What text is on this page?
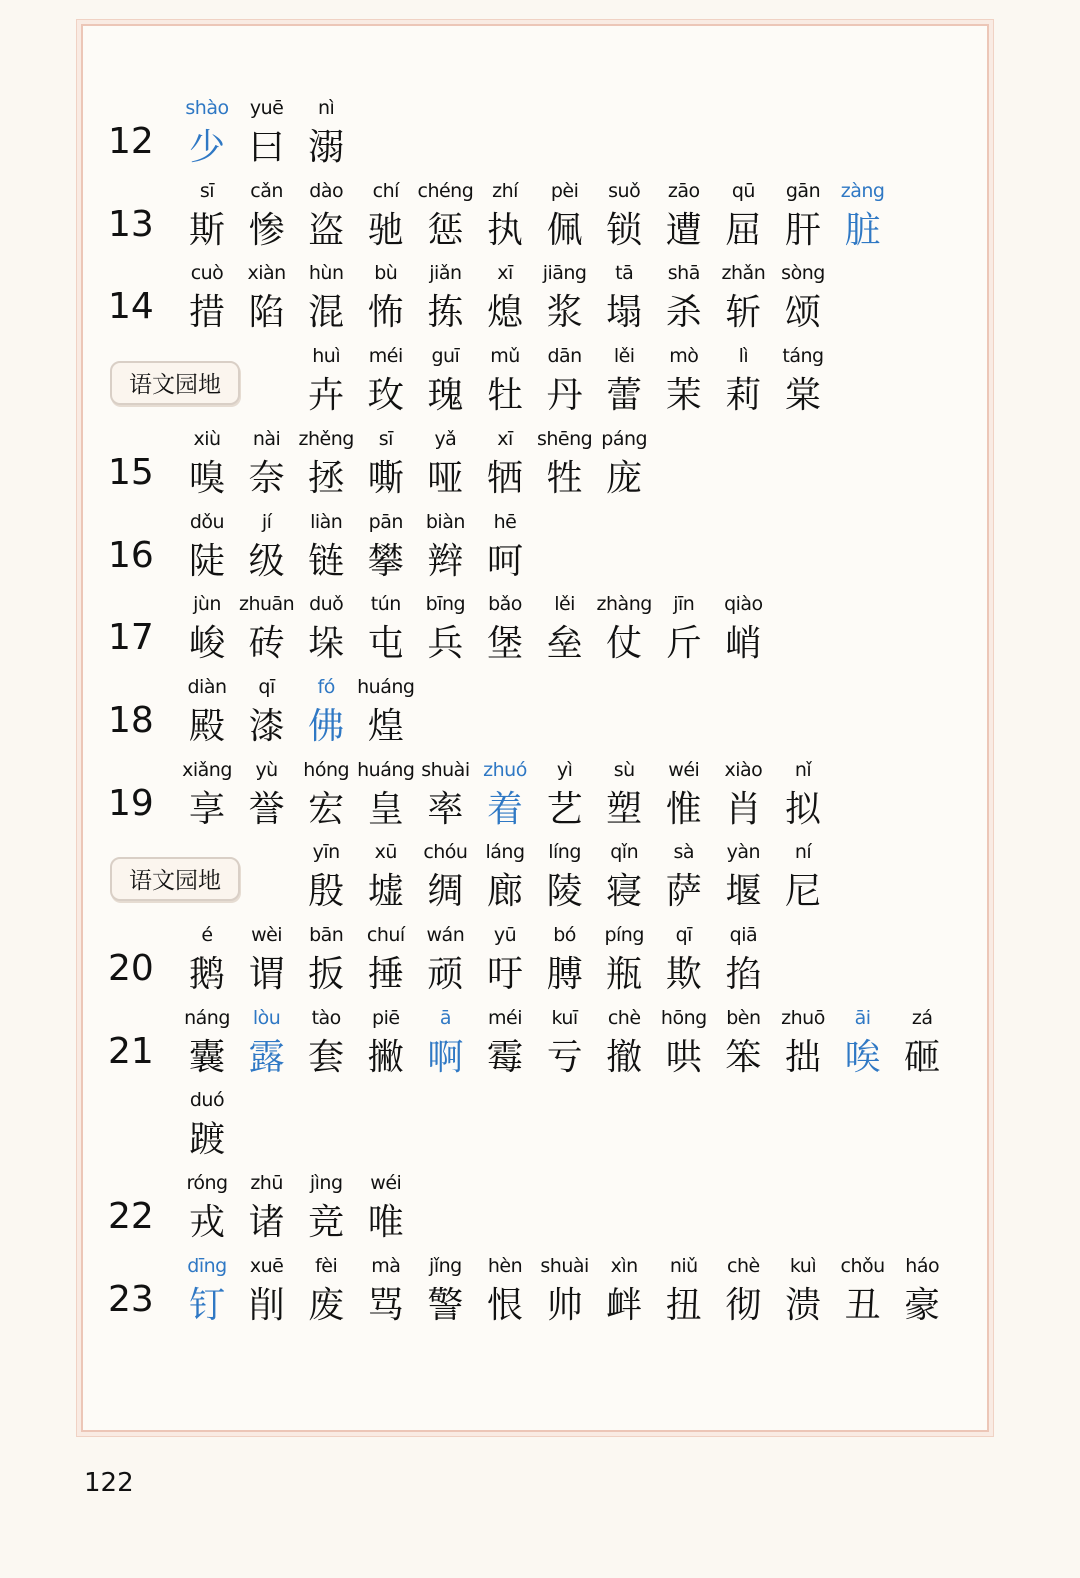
12
shào
少
yuē
曰
nì
溺
13
sī
斯
cǎn
惨
dào
盗
chí
驰
chéng
惩
zhí
执
pèi
佩
suǒ
锁
zāo
遭
qū
屈
gān
肝
zàng
脏
14
cuò
措
xiàn
陷
hùn
混
bù
怖
jiǎn
拣
xī
熄
jiāng
浆
tā
塌
shā
杀
zhǎn
斩
sòng
颂
语文园地
huì
卉
méi
玫
guī
瑰
mǔ
牡
dān
丹
lěi
蕾
mò
茉
lì
莉
táng
棠
15
xiù
嗅
nài
奈
zhěng
拯
sī
嘶
yǎ
哑
xī
牺
shēng
牲
páng
庞
16
dǒu
陡
jí
级
liàn
链
pān
攀
biàn
辫
hē
呵
17
jùn
峻
zhuān
砖
duǒ
垛
tún
屯
bīng
兵
bǎo
堡
lěi
垒
zhàng
仗
jīn
斤
qiào
峭
18
diàn
殿
qī
漆
fó
佛
huáng
煌
19
xiǎng
享
yù
誉
hóng
宏
huáng
皇
shuài
率
zhuó
着
yì
艺
sù
塑
wéi
惟
xiào
肖
nǐ
拟
语文园地
yīn
殷
xū
墟
chóu
绸
láng
廊
líng
陵
qǐn
寝
sà
萨
yàn
堰
ní
尼
20
é
鹅
wèi
谓
bān
扳
chuí
捶
wán
顽
yū
吁
bó
膊
píng
瓶
qī
欺
qiā
掐
21
náng
囊
lòu
露
tào
套
piē
撇
ā
啊
méi
霉
kuī
亏
chè
撤
hōng
哄
bèn
笨
zhuō
拙
āi
唉
zá
砸
duó
踱
22
róng
戎
zhū
诸
jìng
竞
wéi
唯
23
dīng
钉
xuē
削
fèi
废
mà
骂
jǐng
警
hèn
恨
shuài
帅
xìn
衅
niǔ
扭
chè
彻
kuì
溃
chǒu
丑
háo
豪
122
